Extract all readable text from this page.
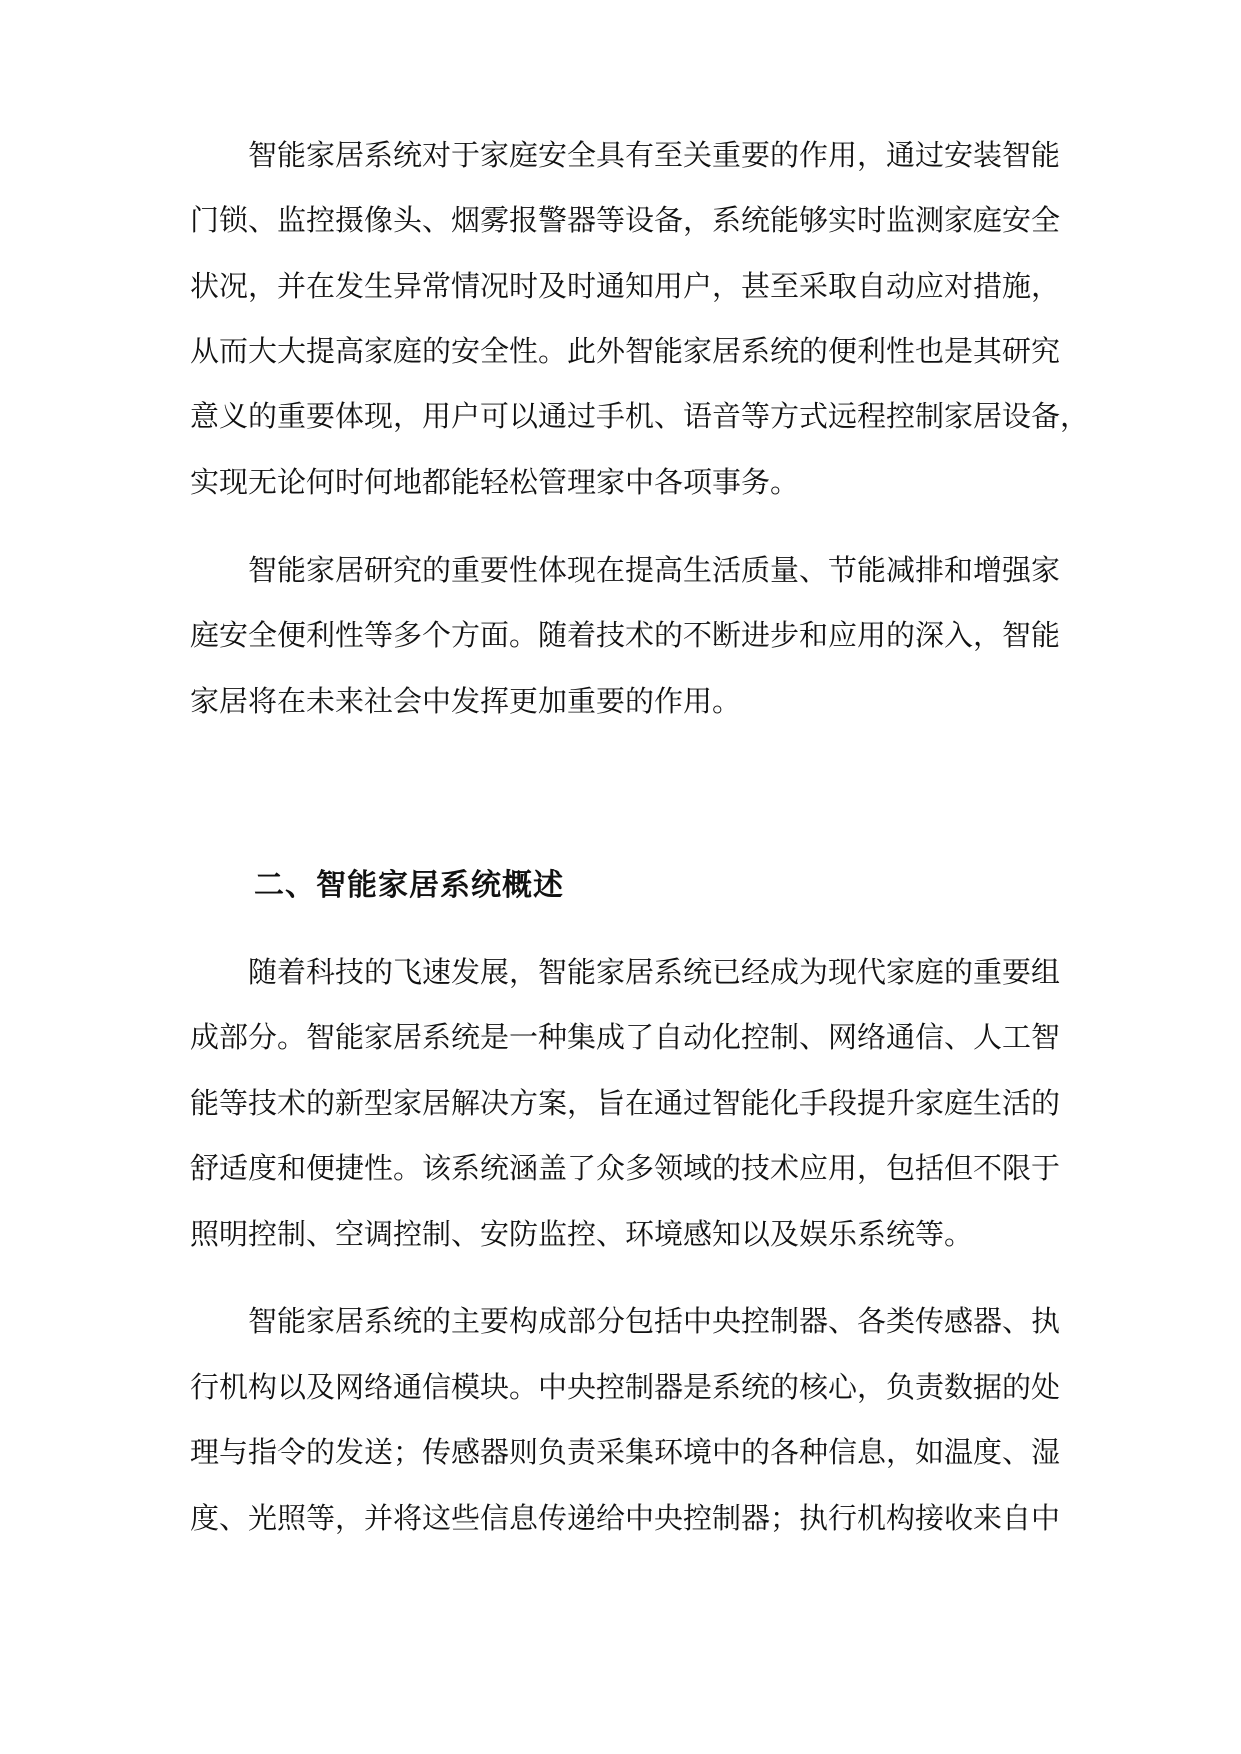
智能家居系统对于家庭安全具有至关重要的作用，通过安装智能
门锁、监控摄像头、烟雾报警器等设备，系统能够实时监测家庭安全
状况，并在发生异常情况时及时通知用户，甚至采取自动应对措施，
从而大大提高家庭的安全性。此外智能家居系统的便利性也是其研究
意义的重要体现，用户可以通过手机、语音等方式远程控制家居设备，
实现无论何时何地都能轻松管理家中各项事务。
智能家居研究的重要性体现在提高生活质量、节能减排和增强家
庭安全便利性等多个方面。随着技术的不断进步和应用的深入，智能
家居将在未来社会中发挥更加重要的作用。
二、智能家居系统概述
随着科技的飞速发展，智能家居系统已经成为现代家庭的重要组
成部分。智能家居系统是一种集成了自动化控制、网络通信、人工智
能等技术的新型家居解决方案，旨在通过智能化手段提升家庭生活的
舒适度和便捷性。该系统涵盖了众多领域的技术应用，包括但不限于
照明控制、空调控制、安防监控、环境感知以及娱乐系统等。
智能家居系统的主要构成部分包括中央控制器、各类传感器、执
行机构以及网络通信模块。中央控制器是系统的核心，负责数据的处
理与指令的发送；传感器则负责采集环境中的各种信息，如温度、湿
度、光照等，并将这些信息传递给中央控制器；执行机构接收来自中
